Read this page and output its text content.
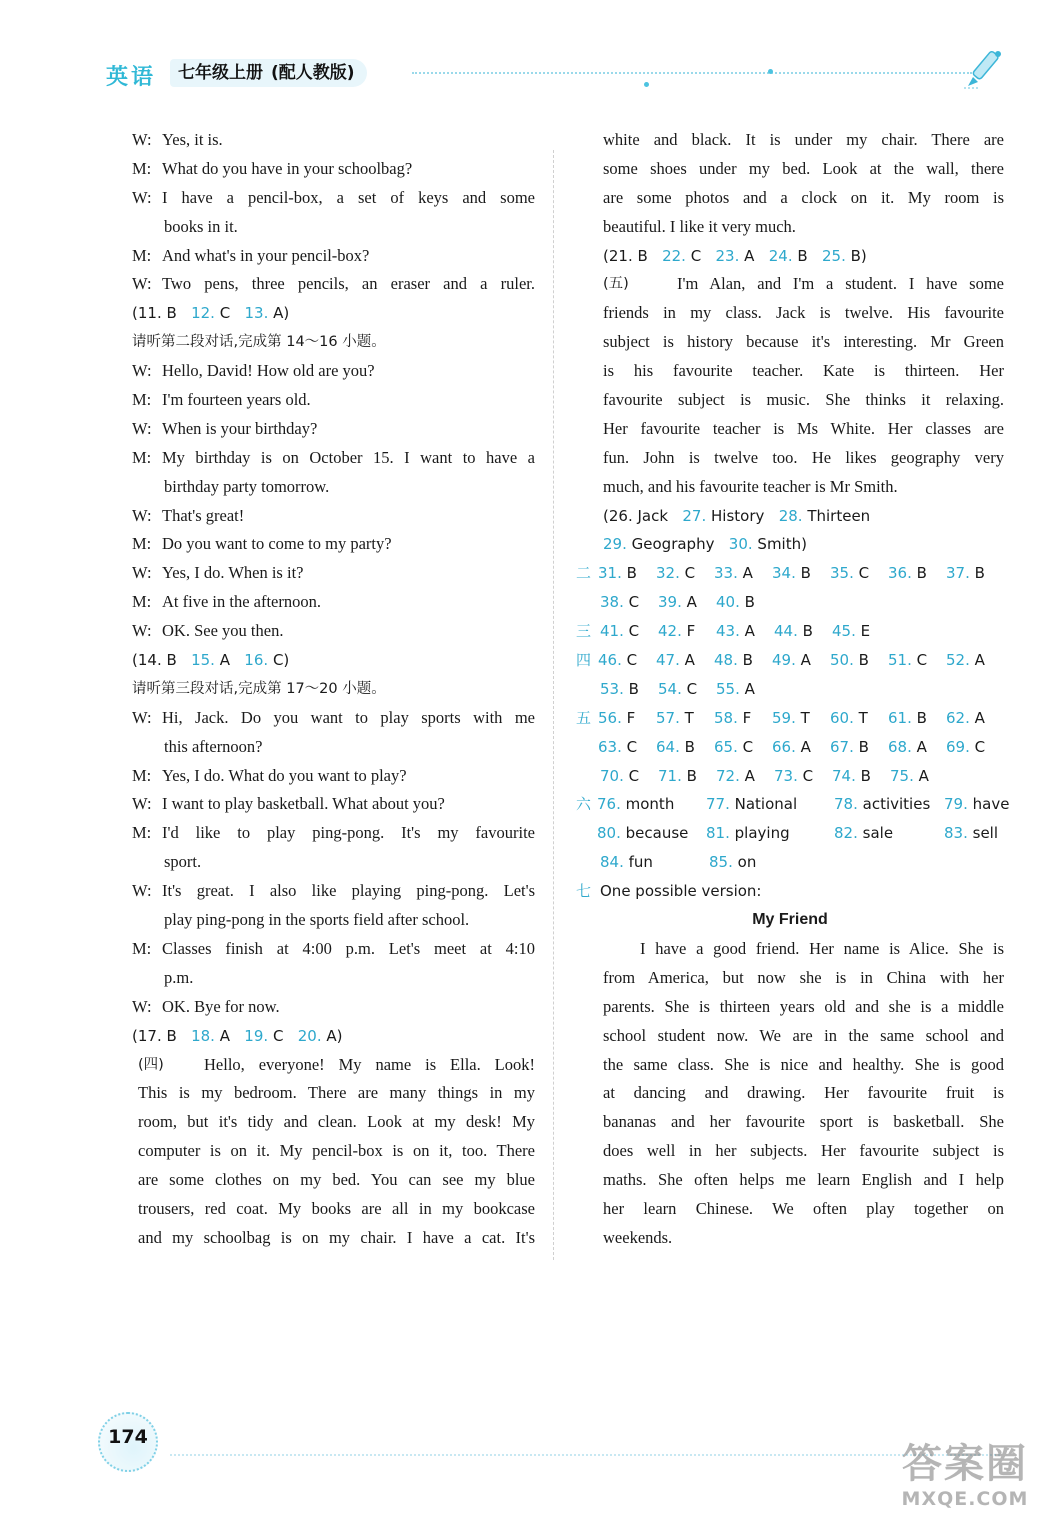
英语	七年级上册 (配人教版)
W: Yes, it is.
M: What do you have in your schoolbag?
W: I have a pencil-box, a set of keys and some
books in it.
M: And what's in your pencil-box?
W: Two pens, three pencils, an eraser and a ruler.
(11. B 12. C 13. A)
请听第二段对话,完成第 14～16 小题。
W: Hello, David! How old are you?
M: I'm fourteen years old.
W: When is your birthday?
M: My birthday is on October 15. I want to have a
birthday party tomorrow.
W: That's great!
M: Do you want to come to my party?
W: Yes, I do. When is it?
M: At five in the afternoon.
W: OK. See you then.
(14. B 15. A 16. C)
请听第三段对话,完成第 17～20 小题。
W: Hi, Jack. Do you want to play sports with me
this afternoon?
M: Yes, I do. What do you want to play?
W: I want to play basketball. What about you?
M: I'd like to play ping-pong. It's my favourite
sport.
W: It's great. I also like playing ping-pong. Let's
play ping-pong in the sports field after school.
M: Classes finish at 4:00 p.m. Let's meet at 4:10
p.m.
W: OK. Bye for now.
(17. B 18. A 19. C 20. A)
(四)	Hello, everyone! My name is Ella. Look!
This is my bedroom. There are many things in my
room, but it's tidy and clean. Look at my desk! My
computer is on it. My pencil-box is on it, too. There
are some clothes on my bed. You can see my blue
trousers, red coat. My books are all in my bookcase
and my schoolbag is on my chair. I have a cat. It's
white and black. It is under my chair. There are
some shoes under my bed. Look at the wall, there
are some photos and a clock on it. My room is
beautiful. I like it very much.
(21. B 22. C 23. A 24. B 25. B)
(五)	I'm Alan, and I'm a student. I have some
friends in my class. Jack is twelve. His favourite
subject is history because it's interesting. Mr Green
is his favourite teacher. Kate is thirteen. Her
favourite subject is music. She thinks it relaxing.
Her favourite teacher is Ms White. Her classes are
fun. John is twelve too. He likes geography very
much, and his favourite teacher is Mr Smith.
(26. Jack 27. History 28. Thirteen
29. Geography 30. Smith)
二 31. B	32. C	33. A	34. B	35. C	36. B	37. B
38. C	39. A	40. B
三 41. C	42. F	43. A	44. B	45. E
四 46. C	47. A	48. B	49. A	50. B	51. C	52. A
53. B	54. C	55. A
五 56. F	57. T	58. F	59. T	60. T	61. B	62. A
63. C	64. B	65. C	66. A	67. B	68. A	69. C
70. C	71. B	72. A	73. C	74. B	75. A
六 76. month	77. National	78. activities 79. have
80. because	81. playing	82. sale	83. sell
84. fun	85. on
七 One possible version:
My Friend
I have a good friend. Her name is Alice. She is
from America, but now she is in China with her
parents. She is thirteen years old and she is a middle
school student now. We are in the same school and
the same class. She is nice and healthy. She is good
at dancing and drawing. Her favourite fruit is
bananas and her favourite sport is basketball. She
does well in her subjects. Her favourite subject is
maths. She often helps me learn English and I help
her learn Chinese. We often play together on
weekends.
174
答案圈
MXQE.COM
